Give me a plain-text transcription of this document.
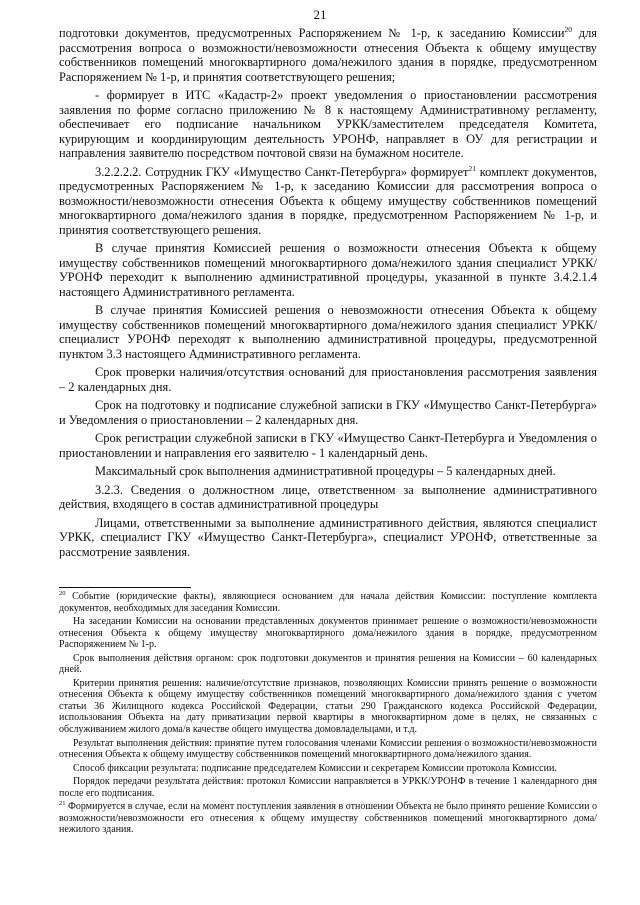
21

подготовки документов, предусмотренных Распоряжением № 1-р, к заседанию Комиссии$^{20}$ для рассмотрения вопроса о возможности/невозможности отнесения Объекта к общему имуществу собственников помещений многоквартирного дома/нежилого здания в порядке, предусмотренном Распоряжением № 1-р, и принятия соответствующего решения;

- формирует в ИТС «Кадастр-2» проект уведомления о приостановлении рассмотрения заявления по форме согласно приложению № 8 к настоящему Административному регламенту, обеспечивает его подписание начальником УРКК/заместителем председателя Комитета, курирующим и координирующим деятельность УРОНФ, направляет в ОУ для регистрации и направления заявителю посредством почтовой связи на бумажном носителе.

3.2.2.2.2. Сотрудник ГКУ «Имущество Санкт-Петербурга» формирует$^{21}$ комплект документов, предусмотренных Распоряжением № 1-р, к заседанию Комиссии для рассмотрения вопроса о возможности/невозможности отнесения Объекта к общему имуществу собственников помещений многоквартирного дома/нежилого здания в порядке, предусмотренном Распоряжением № 1-р, и принятия соответствующего решения.

В случае принятия Комиссией решения о возможности отнесения Объекта к общему имуществу собственников помещений многоквартирного дома/нежилого здания специалист УРКК/УРОНФ переходит к выполнению административной процедуры, указанной в пункте 3.4.2.1.4 настоящего Административного регламента.

В случае принятия Комиссией решения о невозможности отнесения Объекта к общему имуществу собственников помещений многоквартирного дома/нежилого здания специалист УРКК/специалист УРОНФ переходят к выполнению административной процедуры, предусмотренной пунктом 3.3 настоящего Административного регламента.

Срок проверки наличия/отсутствия оснований для приостановления рассмотрения заявления – 2 календарных дня.

Срок на подготовку и подписание служебной записки в ГКУ «Имущество Санкт-Петербурга» и Уведомления о приостановлении – 2 календарных дня.

Срок регистрации служебной записки в ГКУ «Имущество Санкт-Петербурга и Уведомления о приостановлении и направления его заявителю - 1 календарный день.

Максимальный срок выполнения административной процедуры – 5 календарных дней.

3.2.3. Сведения о должностном лице, ответственном за выполнение административного действия, входящего в состав административной процедуры

Лицами, ответственными за выполнение административного действия, являются специалист УРКК, специалист ГКУ «Имущество Санкт-Петербурга», специалист УРОНФ, ответственные за рассмотрение заявления.

$^{20}$ Событие (юридические факты), являющиеся основанием для начала действия Комиссии: поступление комплекта документов, необходимых для заседания Комиссии.

На заседании Комиссии на основании представленных документов принимает решение о возможности/невозможности отнесения Объекта к общему имуществу многоквартирного дома/нежилого здания в порядке, предусмотренном Распоряжением № 1-р.

Срок выполнения действия органом: срок подготовки документов и принятия решения на Комиссии – 60 календарных дней.

Критерии принятия решения: наличие/отсутствие признаков, позволяющих Комиссии принять решение о возможности отнесения Объекта к общему имуществу собственников помещений многоквартирного дома/нежилого здания с учетом статьи 36 Жилищного кодекса Российской Федерации, статьи 290 Гражданского кодекса Российской Федерации, использования Объекта на дату приватизации первой квартиры в многоквартирном доме в целях, не связанных с обслуживанием жилого дома/в качестве общего имущества домовладельцами, и т.д.

Результат выполнения действия: принятие путем голосования членами Комиссии решения о возможности/невозможности отнесения Объекта к общему имуществу собственников помещений многоквартирного дома/нежилого здания.

Способ фиксации результата: подписание председателем Комиссии и секретарем Комиссии протокола Комиссии.

Порядок передачи результата действия: протокол Комиссии направляется в УРКК/УРОНФ в течение 1 календарного дня после его подписания.

$^{21}$ Формируется в случае, если на момент поступления заявления в отношении Объекта не было принято решение Комиссии о возможности/невозможности его отнесения к общему имуществу собственников помещений многоквартирного дома/нежилого здания.
